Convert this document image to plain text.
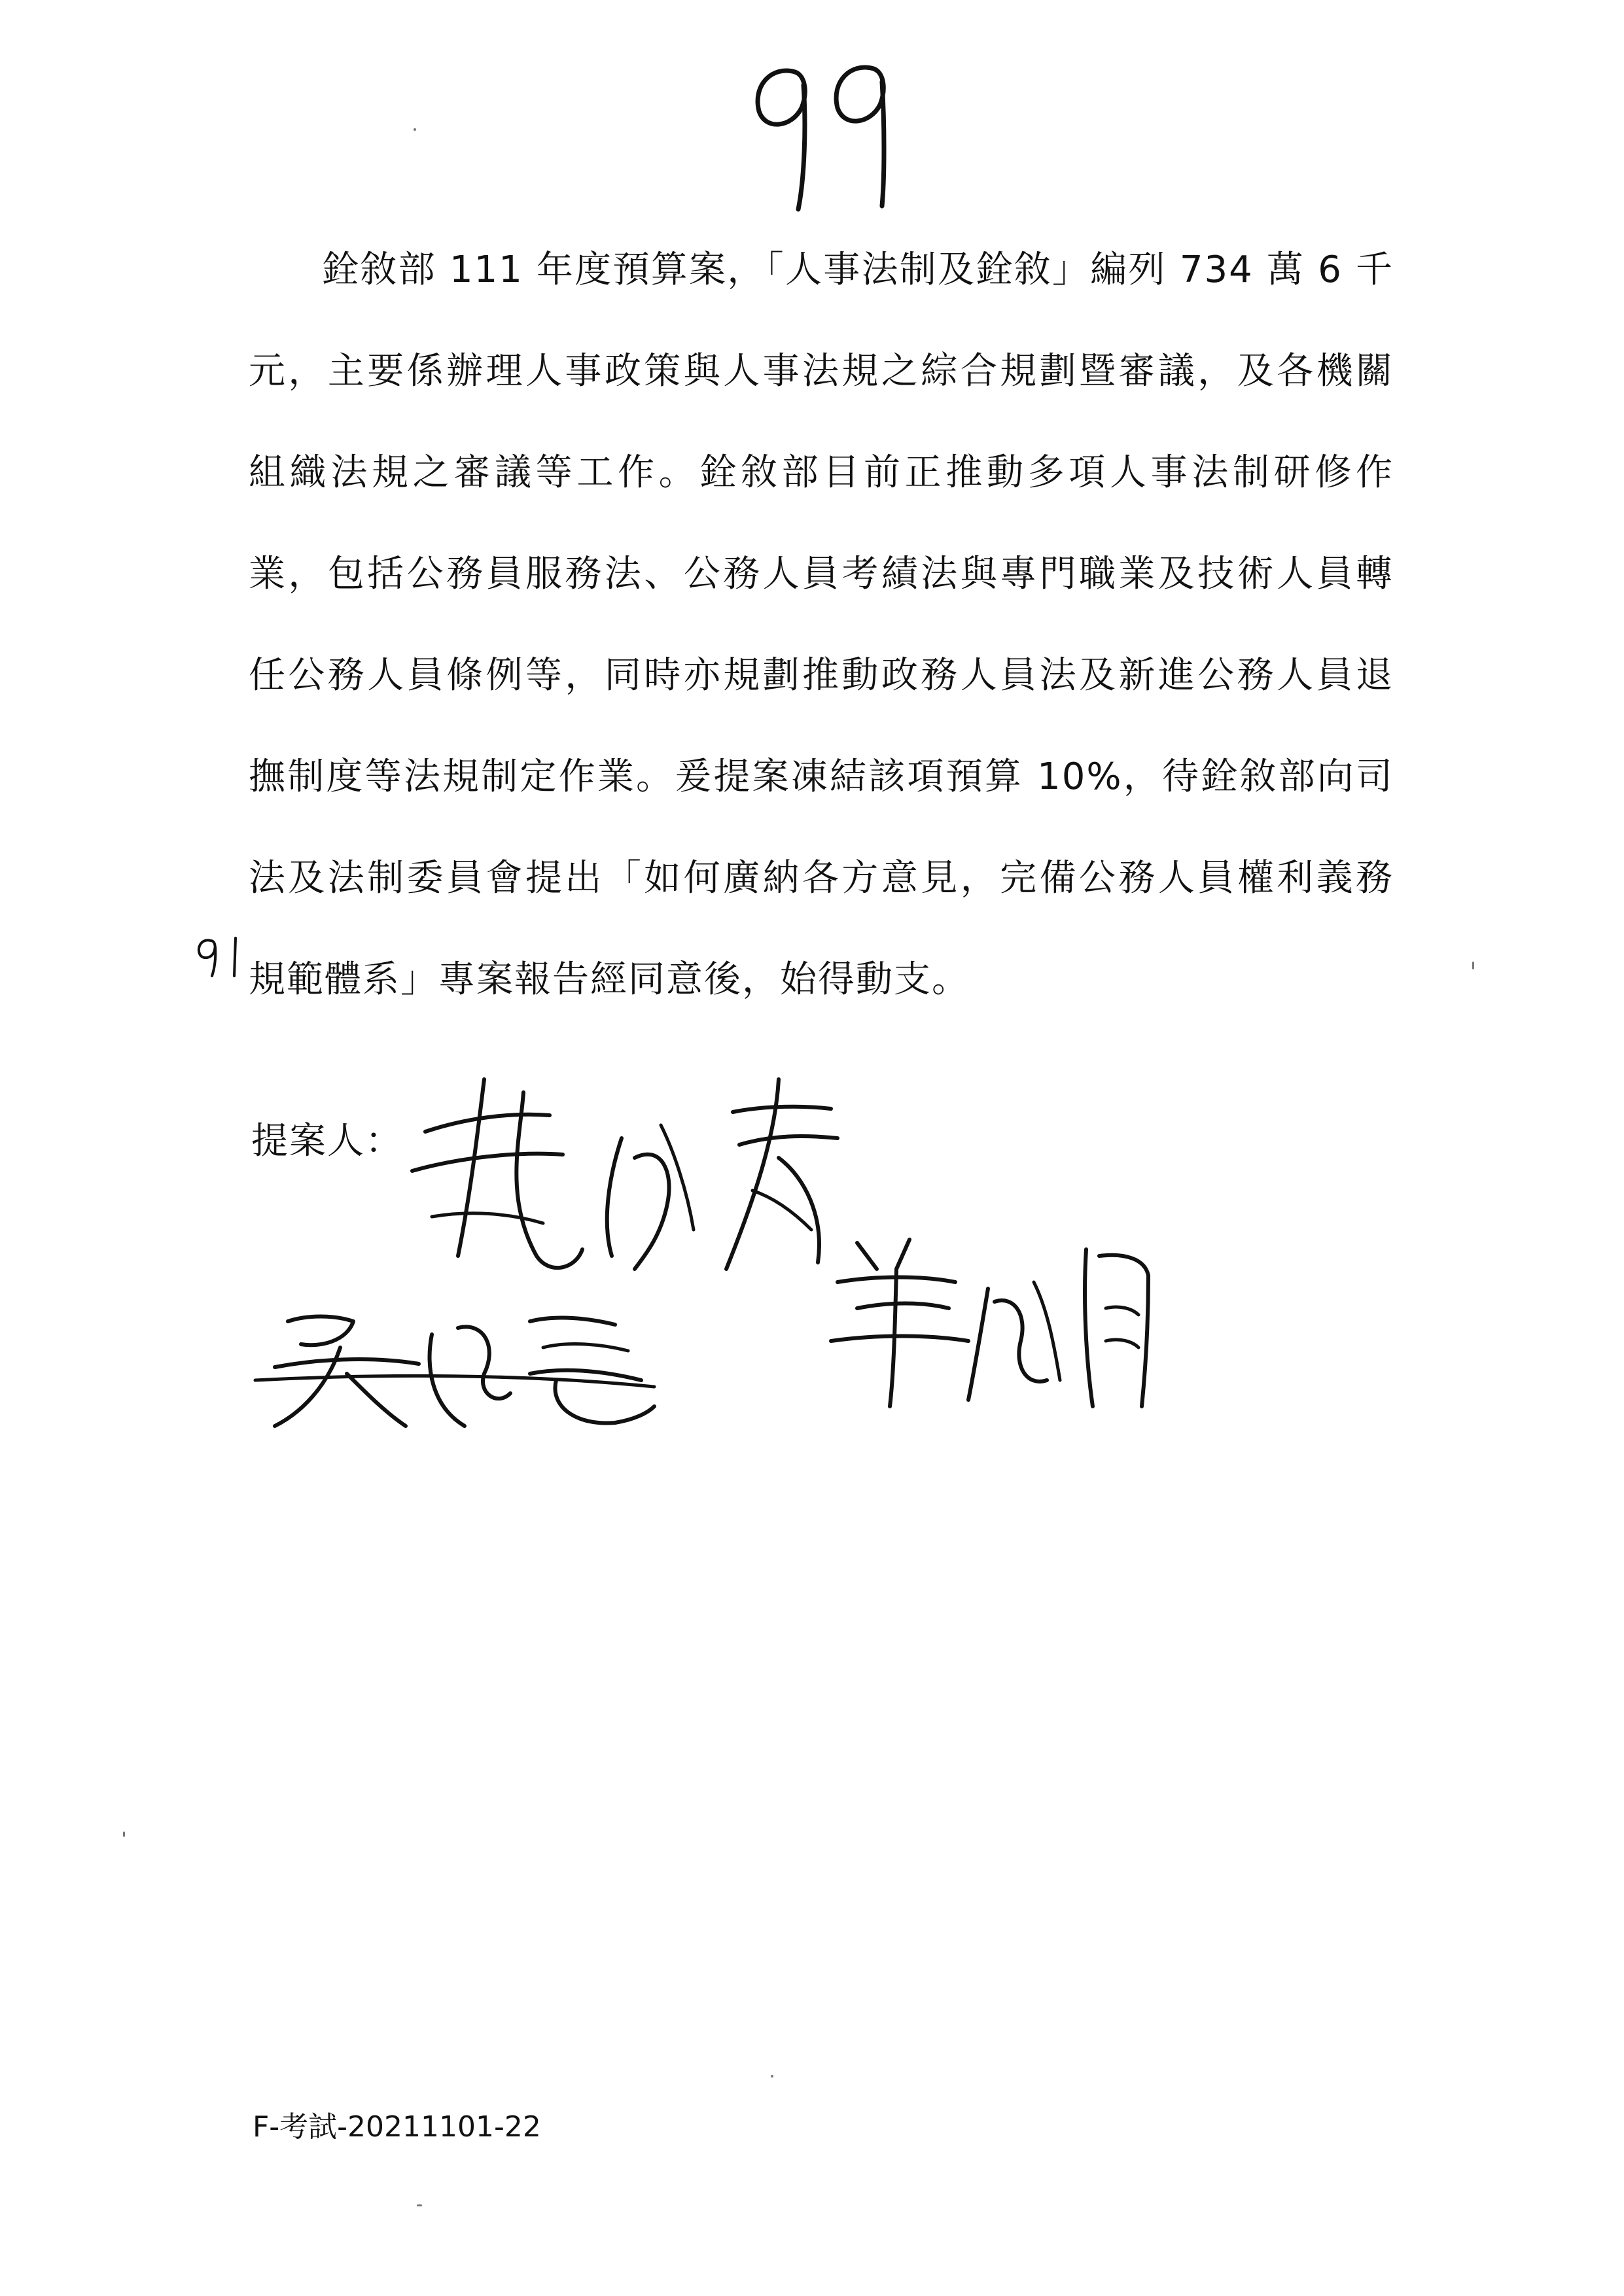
銓敘部 111 年度預算案，「人事法制及銓敘」編列 734 萬 6 千
元，主要係辦理人事政策與人事法規之綜合規劃暨審議，及各機關
組織法規之審議等工作。銓敘部目前正推動多項人事法制研修作
業，包括公務員服務法、公務人員考績法與專門職業及技術人員轉
任公務人員條例等，同時亦規劃推動政務人員法及新進公務人員退
撫制度等法規制定作業。爰提案凍結該項預算 10%，待銓敘部向司
法及法制委員會提出「如何廣納各方意見，完備公務人員權利義務
規範體系」專案報告經同意後，始得動支。
提案人：
F-考試-20211101-22
